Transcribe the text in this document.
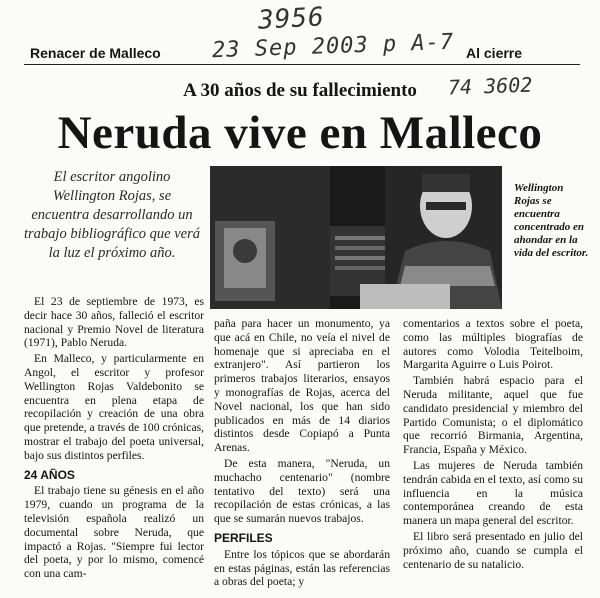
3956
23 Sep 2003 p A-7
74 3602
Renacer de Malleco	Al cierre
A 30 años de su fallecimiento
Neruda vive en Malleco
El escritor angolino Wellington Rojas, se encuentra desarrollando un trabajo bibliográfico que verá la luz el próximo año.
Wellington Rojas se encuentra concentrado en ahondar en la vida del escritor.

El 23 de septiembre de 1973, es decir hace 30 años, falleció el escritor nacional y Premio Novel de literatura (1971), Pablo Neruda.

En Malleco, y particularmente en Angol, el escritor y profesor Wellington Rojas Valdebonito se encuentra en plena etapa de recopilación y creación de una obra que pretende, a través de 100 crónicas, mostrar el trabajo del poeta universal, bajo sus distintos perfiles.

24 AÑOS

El trabajo tiene su génesis en el año 1979, cuando un programa de la televisión española realizó un documental sobre Neruda, que impactó a Rojas. "Siempre fui lector del poeta, y por lo mismo, comencé con una cam-

paña para hacer un monumento, ya que acá en Chile, no veía el nivel de homenaje que si apreciaba en el extranjero". Así partieron los primeros trabajos literarios, ensayos y monografías de Rojas, acerca del Novel nacional, los que han sido publicados en más de 14 diarios distintos desde Copiapó a Punta Arenas.

De esta manera, "Neruda, un muchacho centenario" (nombre tentativo del texto) será una recopilación de estas crónicas, a las que se sumarán nuevos trabajos.

PERFILES

Entre los tópicos que se abordarán en estas páginas, están las referencias a obras del poeta; y

comentarios a textos sobre el poeta, como las múltiples biografías de autores como Volodia Teitelboim, Margarita Aguirre o Luis Poirot.

También habrá espacio para el Neruda militante, aquel que fue candidato presidencial y miembro del Partido Comunista; o el diplomático que recorrió Birmania, Argentina, Francia, España y México.

Las mujeres de Neruda también tendrán cabida en el texto, así como su influencia en la música contemporánea creando de esta manera un mapa general del escritor.

El libro será presentado en julio del próximo año, cuando se cumpla el centenario de su natalicio.
